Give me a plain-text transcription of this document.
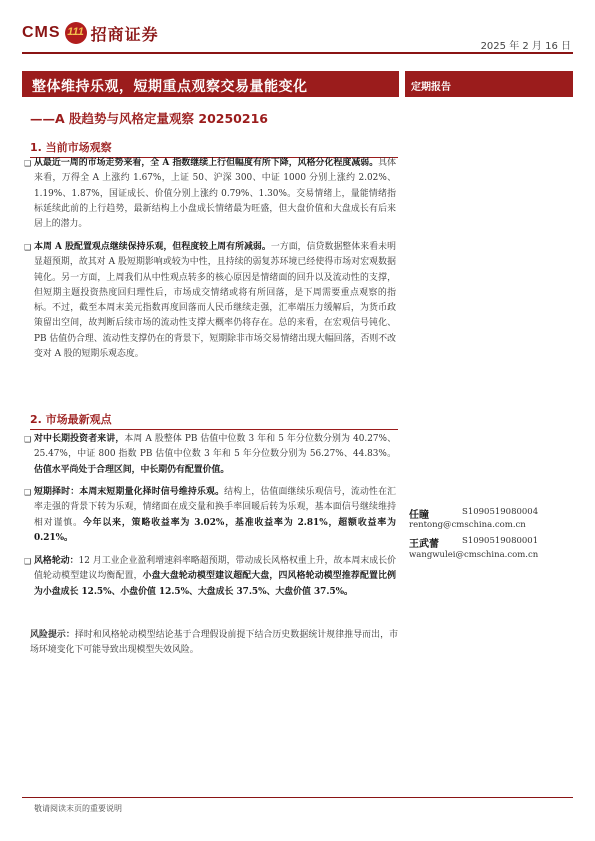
CMS 111 招商证券
2025 年 2 月 16 日
整体维持乐观，短期重点观察交易量能变化
——A 股趋势与风格定量观察 20250216
定期报告
1. 当前市场观察
❑ 从最近一周的市场走势来看，全 A 指数继续上行但幅度有所下降，风格分化程度减弱。具体来看，万得全 A 上涨约 1.67%，上证 50、沪深 300、中证 1000 分别上涨约 2.02%、1.19%、1.87%，国证成长、价值分别上涨约 0.79%、1.30%。交易情绪上，量能情绪指标延续此前的上行趋势，最新结构上小盘成长情绪最为旺盛，但大盘价值和大盘成长有后来居上的潜力。
❑ 本周 A 股配置观点继续保持乐观，但程度较上周有所减弱。一方面，信贷数据整体来看未明显超预期，故其对 A 股短期影响或较为中性，且持续的弱复苏环境已经使得市场对宏观数据钝化。另一方面，上周我们从中性观点转多的核心原因是情绪面的回升以及流动性的支撑，但短期主题投资热度回归理性后，市场成交情绪或将有所回落，是下周需要重点观察的指标。不过，截至本周末美元指数再度回落而人民币继续走强，汇率端压力缓解后，为货币政策留出空间，故判断后续市场的流动性支撑大概率仍将存在。总的来看，在宏观信号钝化、PB 估值仍合理、流动性支撑仍在的背景下，短期除非市场交易情绪出现大幅回落，否则不改变对 A 股的短期乐观态度。
2. 市场最新观点
❑ 对中长期投资者来讲，本周 A 股整体 PB 估值中位数 3 年和 5 年分位数分别为 40.27%、25.47%，中证 800 指数 PB 估值中位数 3 年和 5 年分位数分别为 56.27%、44.83%。估值水平尚处于合理区间，中长期仍有配置价值。
❑ 短期择时：本周末短期量化择时信号维持乐观。结构上，估值面继续乐观信号，流动性在汇率走强的背景下转为乐观，情绪面在成交量和换手率回暖后转为乐观，基本面信号继续维持相对谨慎。今年以来，策略收益率为 3.02%，基准收益率为 2.81%，超额收益率为 0.21%。
❑ 风格轮动：12 月工业企业盈利增速斜率略超预期，带动成长风格权重上升，故本周末成长价值轮动模型建议均衡配置，小盘大盘轮动模型建议超配大盘，四风格轮动模型推荐配置比例为小盘成长 12.5%、小盘价值 12.5%、大盘成长 37.5%、大盘价值 37.5%。
风险提示：择时和风格轮动模型结论基于合理假设前提下结合历史数据统计规律推导而出，市场环境变化下可能导致出现模型失效风险。
任瞳	S1090519080004
rentong@cmschina.com.cn
王武蕾	S1090519080001
wangwulei@cmschina.com.cn
敬请阅读末页的重要说明
